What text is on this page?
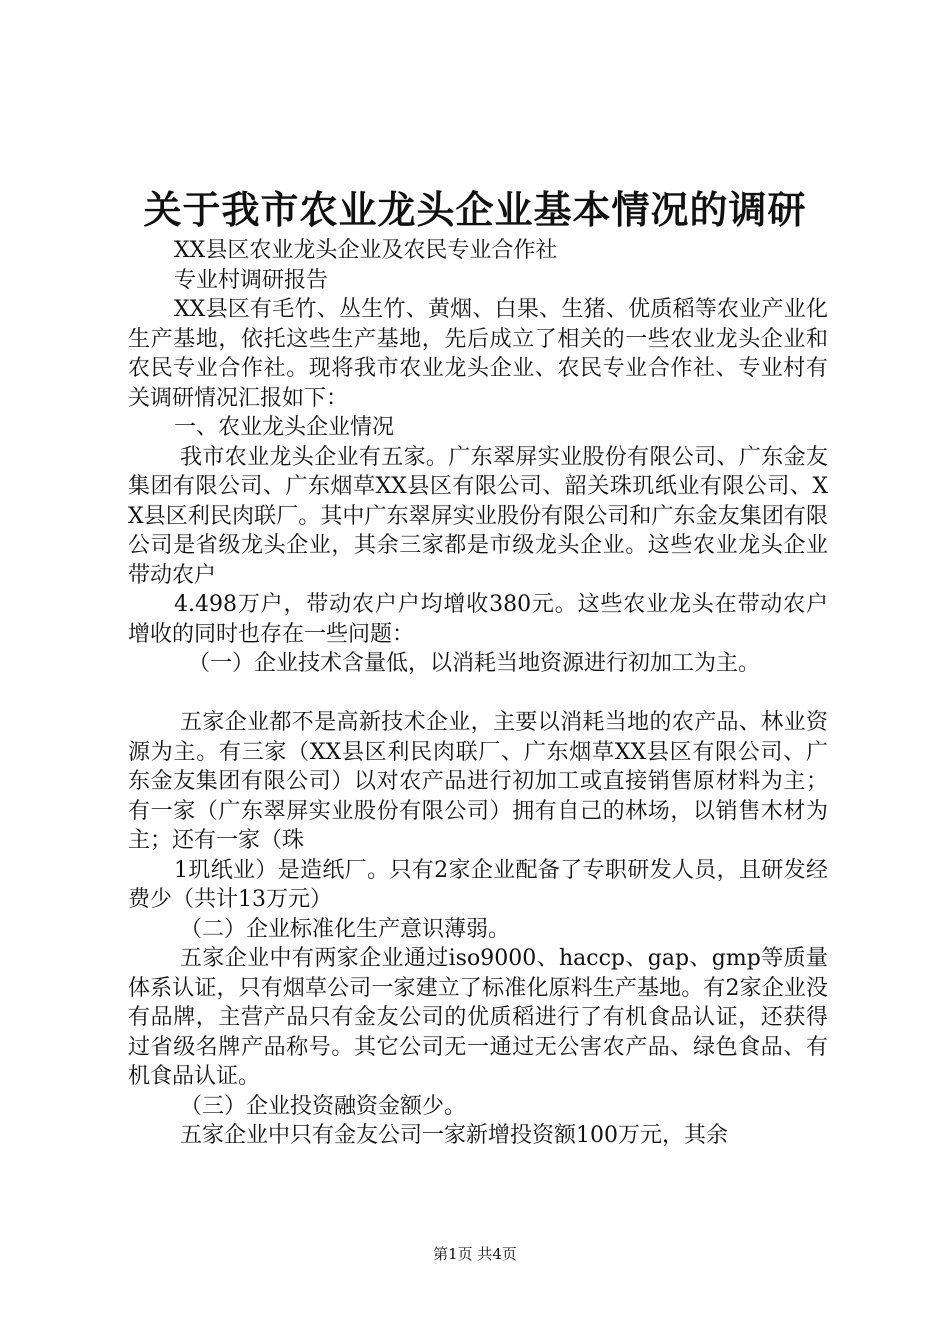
关于我市农业龙头企业基本情况的调研

XX县区农业龙头企业及农民专业合作社

专业村调研报告

XX县区有毛竹、丛生竹、黄烟、白果、生猪、优质稻等农业产业化生产基地，依托这些生产基地，先后成立了相关的一些农业龙头企业和农民专业合作社。现将我市农业龙头企业、农民专业合作社、专业村有关调研情况汇报如下：

一、农业龙头企业情况

我市农业龙头企业有五家。广东翠屏实业股份有限公司、广东金友集团有限公司、广东烟草XX县区有限公司、韶关珠玑纸业有限公司、XX县区利民肉联厂。其中广东翠屏实业股份有限公司和广东金友集团有限公司是省级龙头企业，其余三家都是市级龙头企业。这些农业龙头企业带动农户

4.498万户，带动农户户均增收380元。这些农业龙头在带动农户增收的同时也存在一些问题：

（一）企业技术含量低，以消耗当地资源进行初加工为主。

五家企业都不是高新技术企业，主要以消耗当地的农产品、林业资源为主。有三家（XX县区利民肉联厂、广东烟草XX县区有限公司、广东金友集团有限公司）以对农产品进行初加工或直接销售原材料为主；有一家（广东翠屏实业股份有限公司）拥有自己的林场，以销售木材为主；还有一家（珠

1玑纸业）是造纸厂。只有2家企业配备了专职研发人员，且研发经费少（共计13万元）

（二）企业标准化生产意识薄弱。

五家企业中有两家企业通过iso9000、haccp、gap、gmp等质量体系认证，只有烟草公司一家建立了标准化原料生产基地。有2家企业没有品牌，主营产品只有金友公司的优质稻进行了有机食品认证，还获得过省级名牌产品称号。其它公司无一通过无公害农产品、绿色食品、有机食品认证。

（三）企业投资融资金额少。

五家企业中只有金友公司一家新增投资额100万元，其余

第1页 共4页
